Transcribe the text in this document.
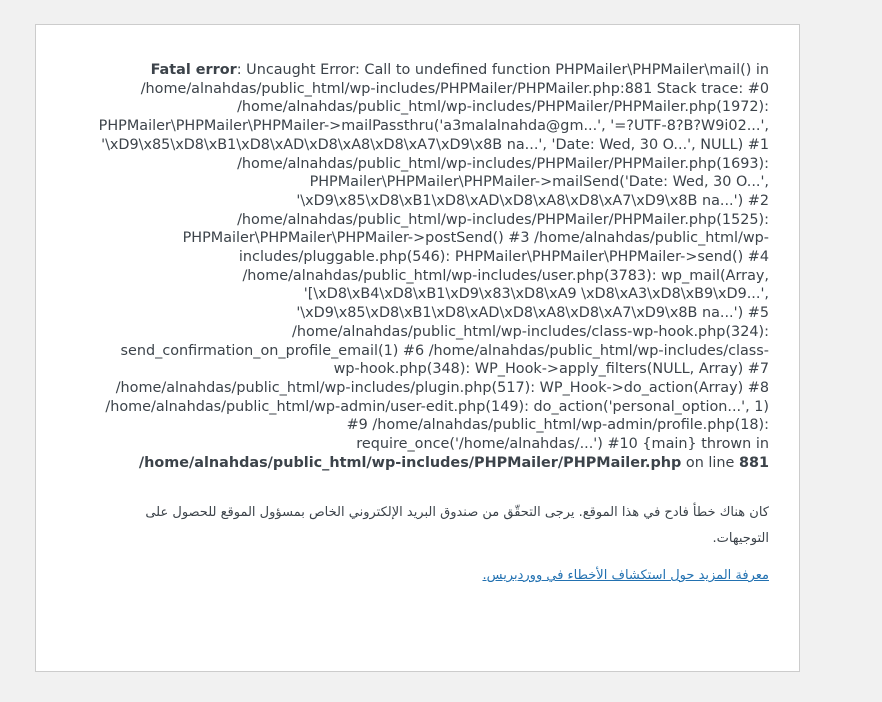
Fatal error: Uncaught Error: Call to undefined function PHPMailer\PHPMailer\mail() in /home/alnahdas/public_html/wp-includes/PHPMailer/PHPMailer.php:881 Stack trace: #0 /home/alnahdas/public_html/wp-includes/PHPMailer/PHPMailer.php(1972): PHPMailer\PHPMailer\PHPMailer->mailPassthru('a3malalnahda@gm...', '=?UTF-8?B?W9i02...', '\xD9\x85\xD8\xB1\xD8\xAD\xD8\xA8\xD8\xA7\xD9\x8B na...', 'Date: Wed, 30 O...', NULL) #1 /home/alnahdas/public_html/wp-includes/PHPMailer/PHPMailer.php(1693): PHPMailer\PHPMailer\PHPMailer->mailSend('Date: Wed, 30 O...', '\xD9\x85\xD8\xB1\xD8\xAD\xD8\xA8\xD8\xA7\xD9\x8B na...') #2 /home/alnahdas/public_html/wp-includes/PHPMailer/PHPMailer.php(1525): PHPMailer\PHPMailer\PHPMailer->postSend() #3 /home/alnahdas/public_html/wp-includes/pluggable.php(546): PHPMailer\PHPMailer\PHPMailer->send() #4 /home/alnahdas/public_html/wp-includes/user.php(3783): wp_mail(Array, '[\xD8\xB4\xD8\xB1\xD9\x83\xD8\xA9 \xD8\xA3\xD8\xB9\xD9...', '\xD9\x85\xD8\xB1\xD8\xAD\xD8\xA8\xD8\xA7\xD9\x8B na...') #5 /home/alnahdas/public_html/wp-includes/class-wp-hook.php(324): send_confirmation_on_profile_email(1) #6 /home/alnahdas/public_html/wp-includes/class-wp-hook.php(348): WP_Hook->apply_filters(NULL, Array) #7 /home/alnahdas/public_html/wp-includes/plugin.php(517): WP_Hook->do_action(Array) #8 /home/alnahdas/public_html/wp-admin/user-edit.php(149): do_action('personal_option...', 1) #9 /home/alnahdas/public_html/wp-admin/profile.php(18): require_once('/home/alnahdas/...') #10 {main} thrown in /home/alnahdas/public_html/wp-includes/PHPMailer/PHPMailer.php on line 881

كان هناك خطأ فادح في هذا الموقع. يرجى التحقّق من صندوق البريد الإلكتروني الخاص بمسؤول الموقع للحصول على التوجيهات.

معرفة المزيد حول استكشاف الأخطاء في ووردبريس.
